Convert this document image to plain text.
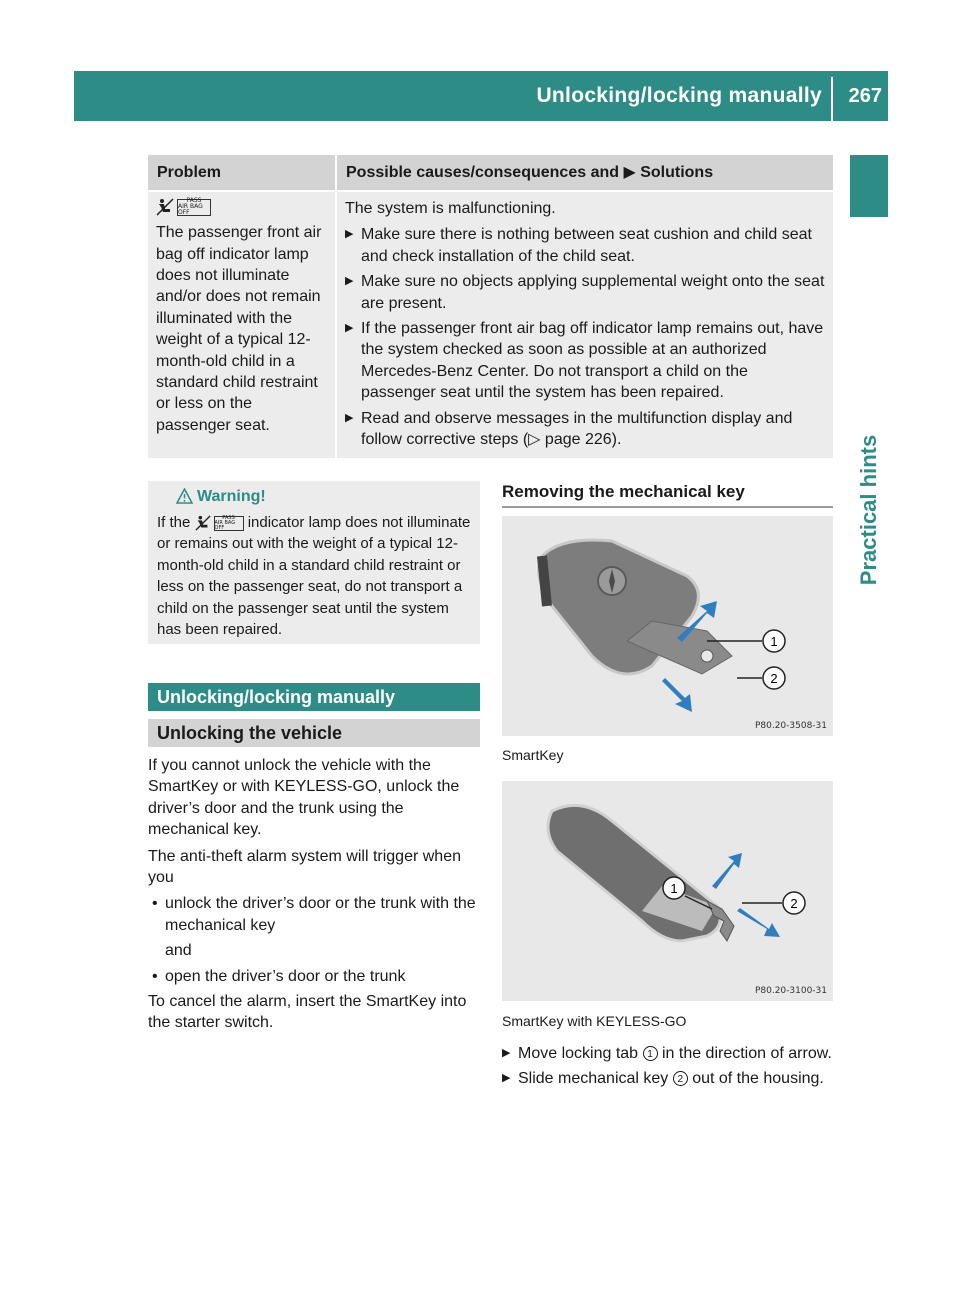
Unlocking/locking manually 267
Practical hints
Problem	Possible causes/consequences and ▶ Solutions
PASS
AIR BAG OFF
The passenger front air bag off indicator lamp does not illuminate and/or does not remain illuminated with the weight of a typical 12-month-old child in a standard child restraint or less on the passenger seat.
The system is malfunctioning.
▶ Make sure there is nothing between seat cushion and child seat and check installation of the child seat.
▶ Make sure no objects applying supplemental weight onto the seat are present.
▶ If the passenger front air bag off indicator lamp remains out, have the system checked as soon as possible at an authorized Mercedes-Benz Center. Do not transport a child on the passenger seat until the system has been repaired.
▶ Read and observe messages in the multifunction display and follow corrective steps (▷ page 226).
Warning!
If the	PASS
AIR BAG OFF	indicator lamp does not illuminate or remains out with the weight of a typical 12-month-old child in a standard child restraint or less on the passenger seat, do not transport a child on the passenger seat until the system has been repaired.
Unlocking/locking manually
Unlocking the vehicle

If you cannot unlock the vehicle with the SmartKey or with KEYLESS-GO, unlock the driver’s door and the trunk using the mechanical key.

The anti-theft alarm system will trigger when you

• unlock the driver’s door or the trunk with the mechanical key
and
• open the driver’s door or the trunk

To cancel the alarm, insert the SmartKey into the starter switch.

Removing the mechanical key
1
2
P80.20-3508-31
SmartKey
1
2
P80.20-3100-31
SmartKey with KEYLESS-GO
▶ Move locking tab 1 in the direction of arrow.
▶ Slide mechanical key 2 out of the housing.
